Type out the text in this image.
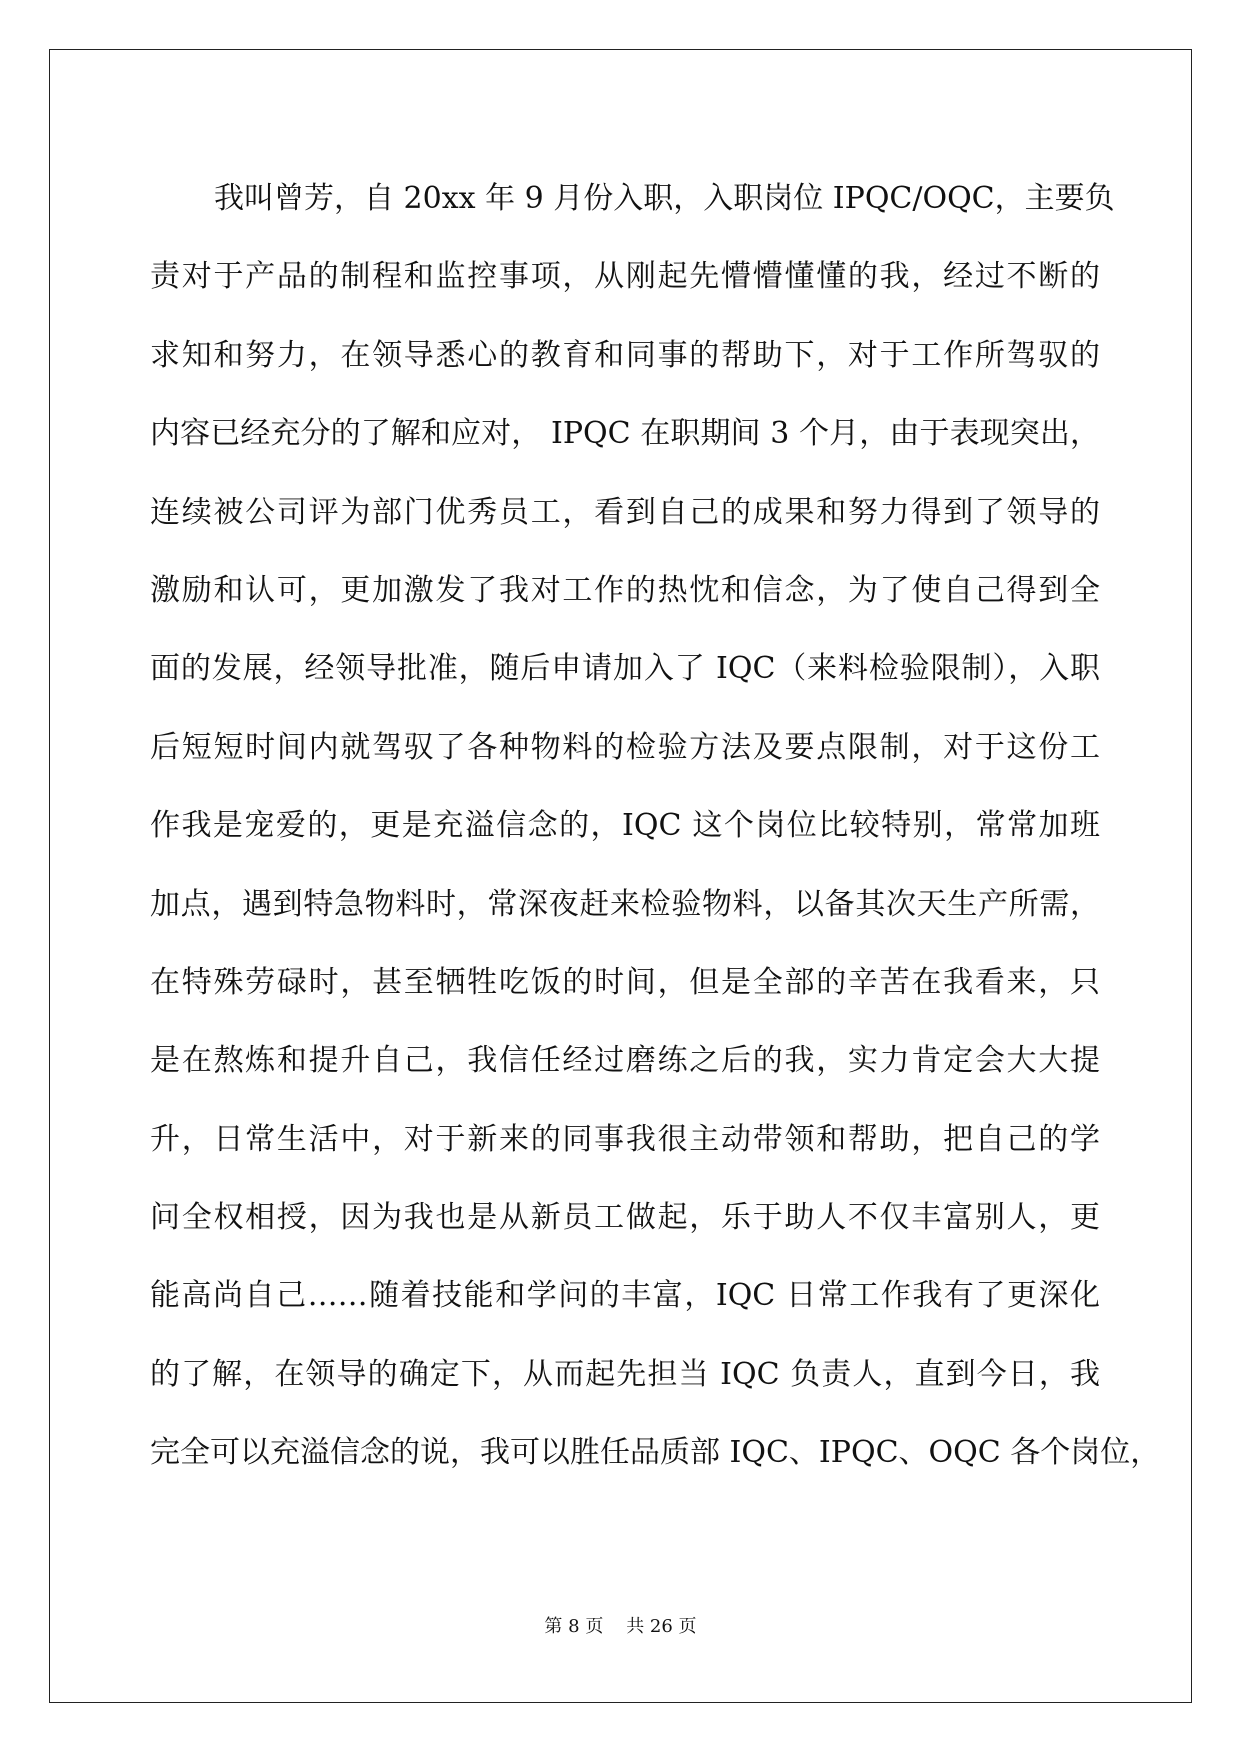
我叫曾芳，自 20xx 年 9 月份入职，入职岗位 IPQC/OQC，主要负
责对于产品的制程和监控事项，从刚起先懵懵懂懂的我，经过不断的
求知和努力，在领导悉心的教育和同事的帮助下，对于工作所驾驭的
内容已经充分的了解和应对， IPQC 在职期间 3 个月，由于表现突出，
连续被公司评为部门优秀员工，看到自己的成果和努力得到了领导的
激励和认可，更加激发了我对工作的热忱和信念，为了使自己得到全
面的发展，经领导批准，随后申请加入了 IQC（来料检验限制），入职
后短短时间内就驾驭了各种物料的检验方法及要点限制，对于这份工
作我是宠爱的，更是充溢信念的，IQC 这个岗位比较特别，常常加班
加点，遇到特急物料时，常深夜赶来检验物料，以备其次天生产所需，
在特殊劳碌时，甚至牺牲吃饭的时间，但是全部的辛苦在我看来，只
是在熬炼和提升自己，我信任经过磨练之后的我，实力肯定会大大提
升，日常生活中，对于新来的同事我很主动带领和帮助，把自己的学
问全权相授，因为我也是从新员工做起，乐于助人不仅丰富别人，更
能高尚自己……随着技能和学问的丰富，IQC 日常工作我有了更深化
的了解，在领导的确定下，从而起先担当 IQC 负责人，直到今日，我
完全可以充溢信念的说，我可以胜任品质部 IQC、IPQC、OQC 各个岗位，
第 8 页    共 26 页
